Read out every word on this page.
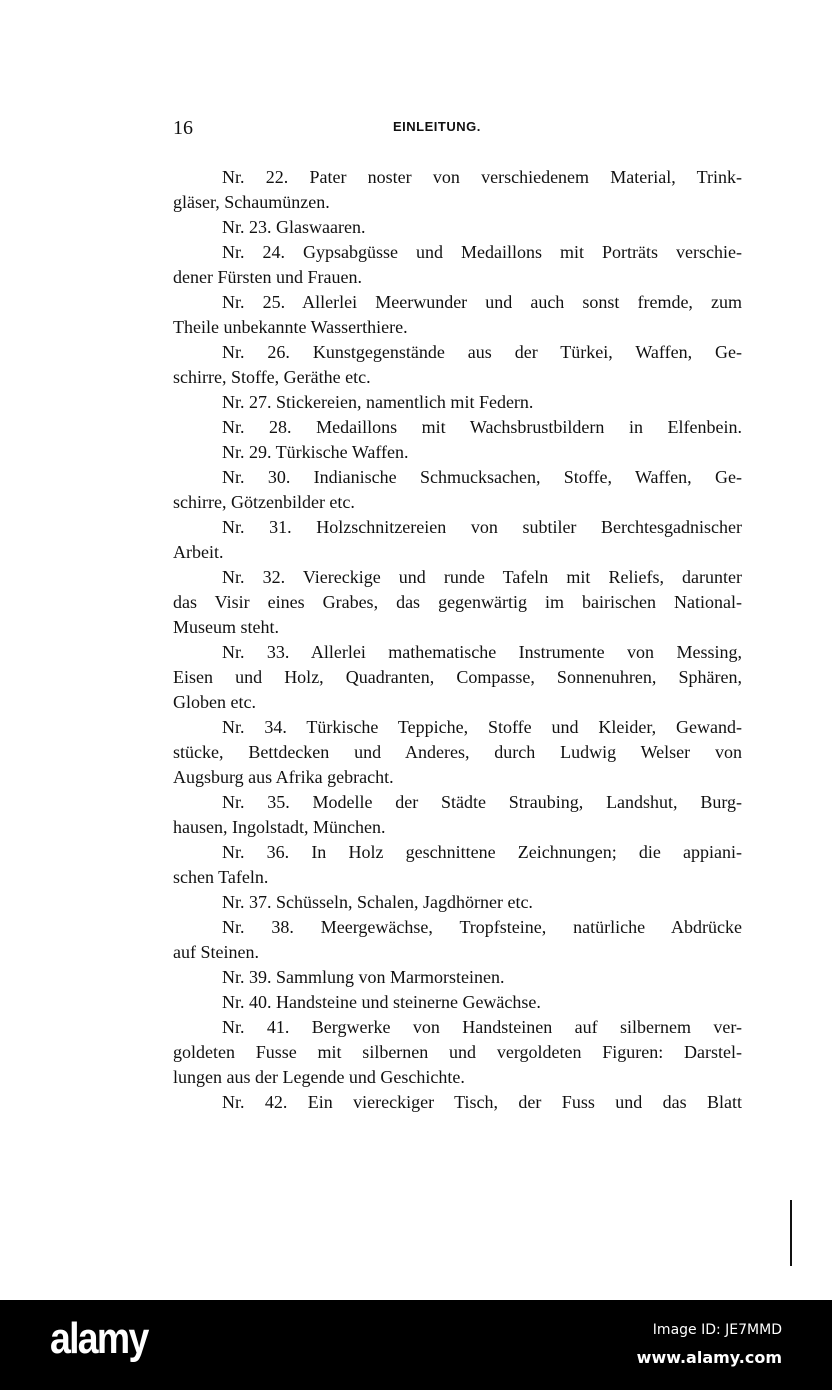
16	EINLEITUNG.
Nr. 22. Pater noster von verschiedenem Material, Trink-
gläser, Schaumünzen.
Nr. 23. Glaswaaren.
Nr. 24. Gypsabgüsse und Medaillons mit Porträts verschie-
dener Fürsten und Frauen.
Nr. 25. Allerlei Meerwunder und auch sonst fremde, zum
Theile unbekannte Wasserthiere.
Nr. 26. Kunstgegenstände aus der Türkei, Waffen, Ge-
schirre, Stoffe, Geräthe etc.
Nr. 27. Stickereien, namentlich mit Federn.
Nr. 28. Medaillons mit Wachsbrustbildern in Elfenbein.
Nr. 29. Türkische Waffen.
Nr. 30. Indianische Schmucksachen, Stoffe, Waffen, Ge-
schirre, Götzenbilder etc.
Nr. 31. Holzschnitzereien von subtiler Berchtesgadnischer
Arbeit.
Nr. 32. Viereckige und runde Tafeln mit Reliefs, darunter
das Visir eines Grabes, das gegenwärtig im bairischen National-
Museum steht.
Nr. 33. Allerlei mathematische Instrumente von Messing,
Eisen und Holz, Quadranten, Compasse, Sonnenuhren, Sphären,
Globen etc.
Nr. 34. Türkische Teppiche, Stoffe und Kleider, Gewand-
stücke, Bettdecken und Anderes, durch Ludwig Welser von
Augsburg aus Afrika gebracht.
Nr. 35. Modelle der Städte Straubing, Landshut, Burg-
hausen, Ingolstadt, München.
Nr. 36. In Holz geschnittene Zeichnungen; die appiani-
schen Tafeln.
Nr. 37. Schüsseln, Schalen, Jagdhörner etc.
Nr. 38. Meergewächse, Tropfsteine, natürliche Abdrücke
auf Steinen.
Nr. 39. Sammlung von Marmorsteinen.
Nr. 40. Handsteine und steinerne Gewächse.
Nr. 41. Bergwerke von Handsteinen auf silbernem ver-
goldeten Fusse mit silbernen und vergoldeten Figuren: Darstel-
lungen aus der Legende und Geschichte.
Nr. 42. Ein viereckiger Tisch, der Fuss und das Blatt
alamy	Image ID: JE7MMD
www.alamy.com
